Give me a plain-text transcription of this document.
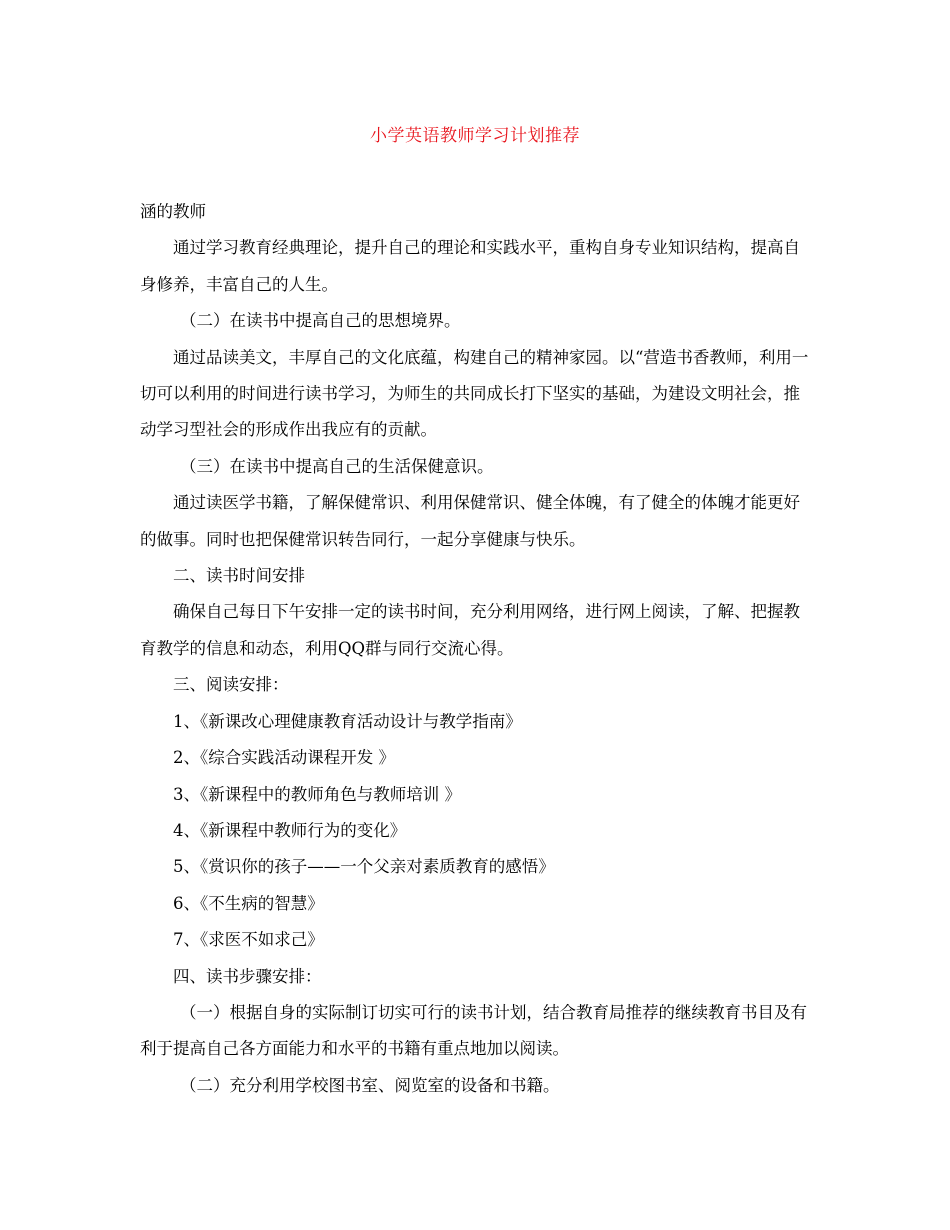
小学英语教师学习计划推荐

涵的教师

通过学习教育经典理论，提升自己的理论和实践水平，重构自身专业知识结构，提高自身修养，丰富自己的人生。

（二）在读书中提高自己的思想境界。

通过品读美文，丰厚自己的文化底蕴，构建自己的精神家园。以“营造书香教师，利用一切可以利用的时间进行读书学习，为师生的共同成长打下坚实的基础，为建设文明社会，推动学习型社会的形成作出我应有的贡献。

（三）在读书中提高自己的生活保健意识。

通过读医学书籍，了解保健常识、利用保健常识、健全体魄，有了健全的体魄才能更好的做事。同时也把保健常识转告同行，一起分享健康与快乐。

二、读书时间安排

确保自己每日下午安排一定的读书时间，充分利用网络，进行网上阅读，了解、把握教育教学的信息和动态，利用QQ群与同行交流心得。

三、阅读安排：

1、《新课改心理健康教育活动设计与教学指南》

2、《综合实践活动课程开发 》

3、《新课程中的教师角色与教师培训 》

4、《新课程中教师行为的变化》

5、《赏识你的孩子——一个父亲对素质教育的感悟》

6、《不生病的智慧》

7、《求医不如求己》

四、读书步骤安排：

（一）根据自身的实际制订切实可行的读书计划，结合教育局推荐的继续教育书目及有利于提高自己各方面能力和水平的书籍有重点地加以阅读。

（二）充分利用学校图书室、阅览室的设备和书籍。
